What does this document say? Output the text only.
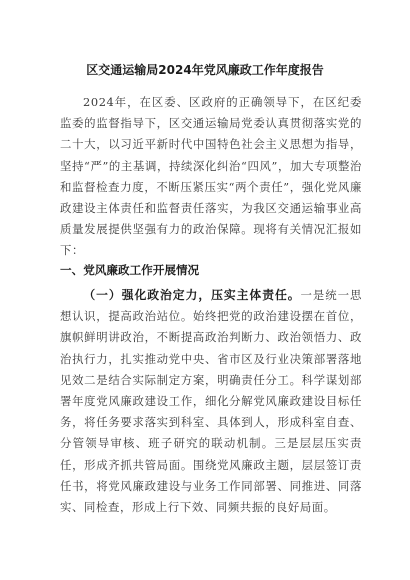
区交通运输局2024年党风廉政工作年度报告
2024年，在区委、区政府的正确领导下，在区纪委监委的监督指导下，区交通运输局党委认真贯彻落实党的二十大，以习近平新时代中国特色社会主义思想为指导，坚持“严”的主基调，持续深化纠治“四风”，加大专项整治和监督检查力度，不断压紧压实“两个责任”，强化党风廉政建设主体责任和监督责任落实，为我区交通运输事业高质量发展提供坚强有力的政治保障。现将有关情况汇报如下：
一、党风廉政工作开展情况
（一）强化政治定力，压实主体责任。一是统一思想认识，提高政治站位。始终把党的政治建设摆在首位，旗帜鲜明讲政治，不断提高政治判断力、政治领悟力、政治执行力，扎实推动党中央、省市区及行业决策部署落地见效二是结合实际制定方案，明确责任分工。科学谋划部署年度党风廉政建设工作，细化分解党风廉政建设目标任务，将任务要求落实到科室、具体到人，形成科室自查、分管领导审核、班子研究的联动机制。三是层层压实责任，形成齐抓共管局面。围绕党风廉政主题，层层签订责任书，将党风廉政建设与业务工作同部署、同推进、同落实、同检查，形成上行下效、同频共振的良好局面。
